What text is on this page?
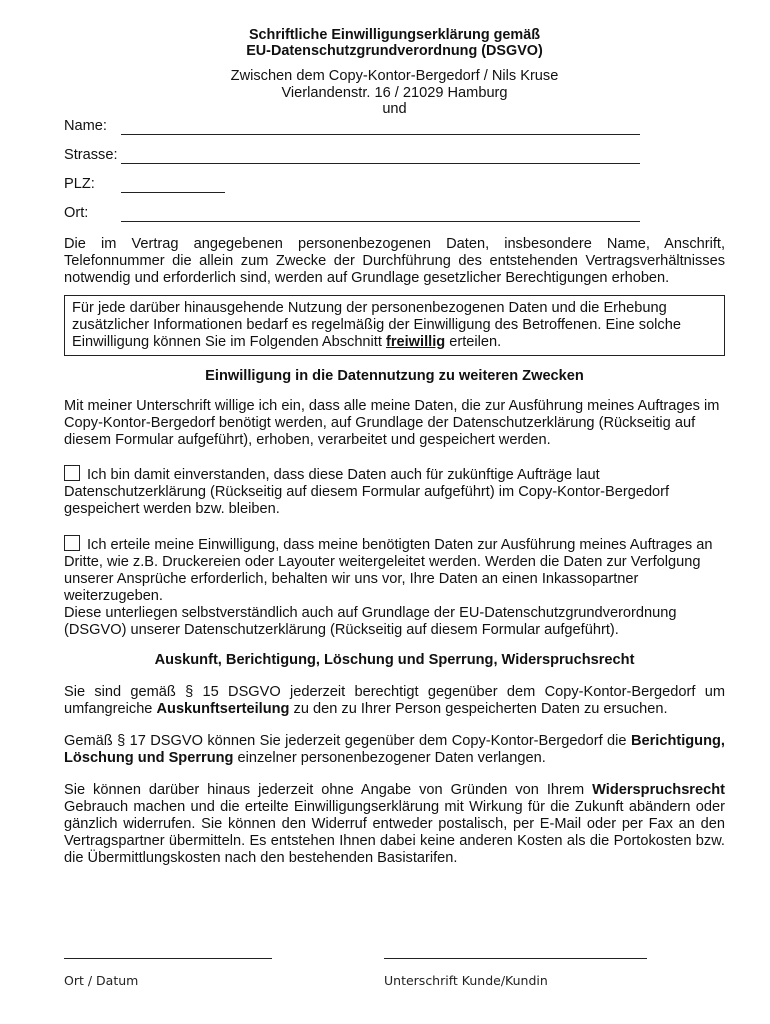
Schriftliche Einwilligungserklärung gemäß
EU-Datenschutzgrundverordnung (DSGVO)
Zwischen dem Copy-Kontor-Bergedorf / Nils Kruse
Vierlandenstr. 16 / 21029 Hamburg
und
Name:
Strasse:
PLZ:
Ort:
Die im Vertrag angegebenen personenbezogenen Daten, insbesondere Name, Anschrift, Telefonnummer die allein zum Zwecke der Durchführung des entstehenden Vertragsverhältnisses notwendig und erforderlich sind, werden auf Grundlage gesetzlicher Berechtigungen erhoben.
Für jede darüber hinausgehende Nutzung der personenbezogenen Daten und die Erhebung zusätzlicher Informationen bedarf es regelmäßig der Einwilligung des Betroffenen. Eine solche Einwilligung können Sie im Folgenden Abschnitt freiwillig erteilen.
Einwilligung in die Datennutzung zu weiteren Zwecken
Mit meiner Unterschrift willige ich ein, dass alle meine Daten, die zur Ausführung meines Auftrages im Copy-Kontor-Bergedorf benötigt werden, auf Grundlage der Datenschutzerklärung (Rückseitig auf diesem Formular aufgeführt), erhoben, verarbeitet und gespeichert werden.
Ich bin damit einverstanden, dass diese Daten auch für zukünftige Aufträge laut Datenschutzerklärung (Rückseitig auf diesem Formular aufgeführt) im Copy-Kontor-Bergedorf gespeichert werden bzw. bleiben.
Ich erteile meine Einwilligung, dass meine benötigten Daten zur Ausführung meines Auftrages an Dritte, wie z.B. Druckereien oder Layouter weitergeleitet werden. Werden die Daten zur Verfolgung unserer Ansprüche erforderlich, behalten wir uns vor, Ihre Daten an einen Inkassopartner weiterzugeben.
Diese unterliegen selbstverständlich auch auf Grundlage der EU-Datenschutzgrundverordnung (DSGVO) unserer Datenschutzerklärung (Rückseitig auf diesem Formular aufgeführt).
Auskunft, Berichtigung, Löschung und Sperrung, Widerspruchsrecht
Sie sind gemäß § 15 DSGVO jederzeit berechtigt gegenüber dem Copy-Kontor-Bergedorf um umfangreiche Auskunftserteilung zu den zu Ihrer Person gespeicherten Daten zu ersuchen.
Gemäß § 17 DSGVO können Sie jederzeit gegenüber dem Copy-Kontor-Bergedorf die Berichtigung, Löschung und Sperrung einzelner personenbezogener Daten verlangen.
Sie können darüber hinaus jederzeit ohne Angabe von Gründen von Ihrem Widerspruchsrecht Gebrauch machen und die erteilte Einwilligungserklärung mit Wirkung für die Zukunft abändern oder gänzlich widerrufen. Sie können den Widerruf entweder postalisch, per E-Mail oder per Fax an den Vertragspartner übermitteln. Es entstehen Ihnen dabei keine anderen Kosten als die Portokosten bzw. die Übermittlungskosten nach den bestehenden Basistarifen.
Ort / Datum	Unterschrift Kunde/Kundin
